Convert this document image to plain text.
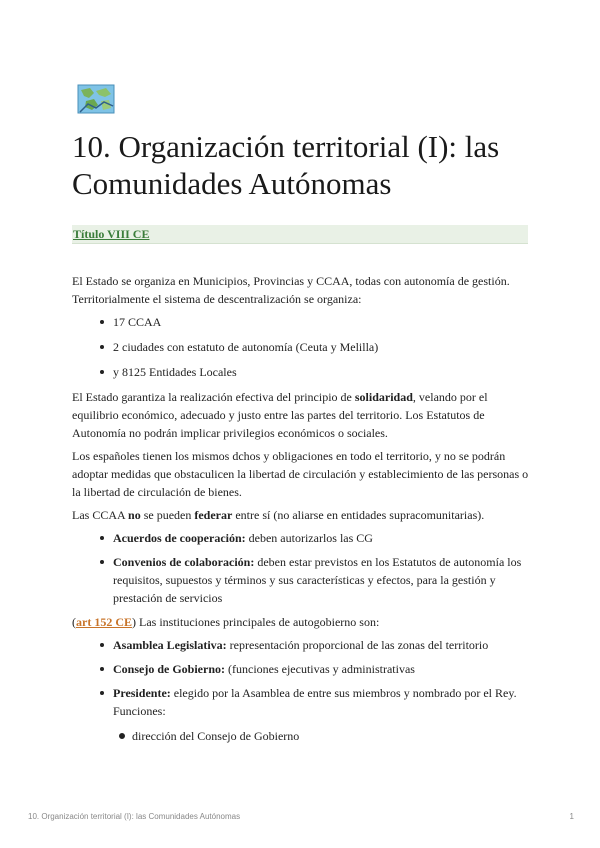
10. Organización territorial (I): las Comunidades Autónomas
Título VIII CE

El Estado se organiza en Municipios, Provincias y CCAA, todas con autonomía de gestión. Territorialmente el sistema de descentralización se organiza:

17 CCAA
2 ciudades con estatuto de autonomía (Ceuta y Melilla)
y 8125 Entidades Locales

El Estado garantiza la realización efectiva del principio de solidaridad, velando por el equilibrio económico, adecuado y justo entre las partes del territorio. Los Estatutos de Autonomía no podrán implicar privilegios económicos o sociales.

Los españoles tienen los mismos dchos y obligaciones en todo el territorio, y no se podrán adoptar medidas que obstaculicen la libertad de circulación y establecimiento de las personas o la libertad de circulación de bienes.

Las CCAA no se pueden federar entre sí (no aliarse en entidades supracomunitarias).

Acuerdos de cooperación: deben autorizarlos las CG
Convenios de colaboración: deben estar previstos en los Estatutos de autonomía los requisitos, supuestos y términos y sus características y efectos, para la gestión y prestación de servicios

(art 152 CE) Las instituciones principales de autogobierno son:

Asamblea Legislativa: representación proporcional de las zonas del territorio
Consejo de Gobierno: (funciones ejecutivas y administrativas
Presidente: elegido por la Asamblea de entre sus miembros y nombrado por el Rey. Funciones:
dirección del Consejo de Gobierno
10. Organización territorial (I): las Comunidades Autónomas	1
